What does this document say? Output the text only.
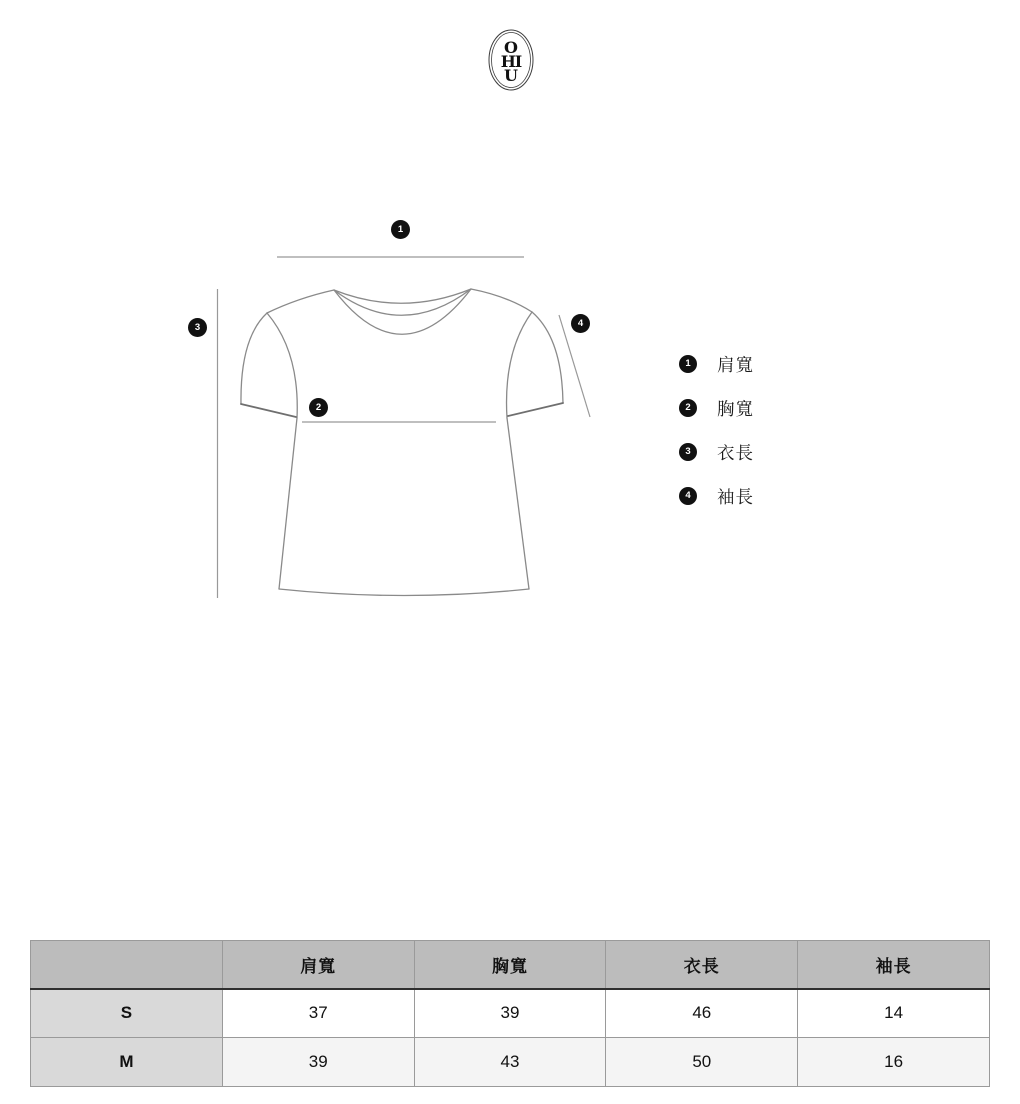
O
HI
U
1
2
3	4
1	肩寬
2	胸寬
3	衣長
4	袖長
	肩寬	胸寬	衣長	袖長
S	37	39	46	14
M	39	43	50	16
